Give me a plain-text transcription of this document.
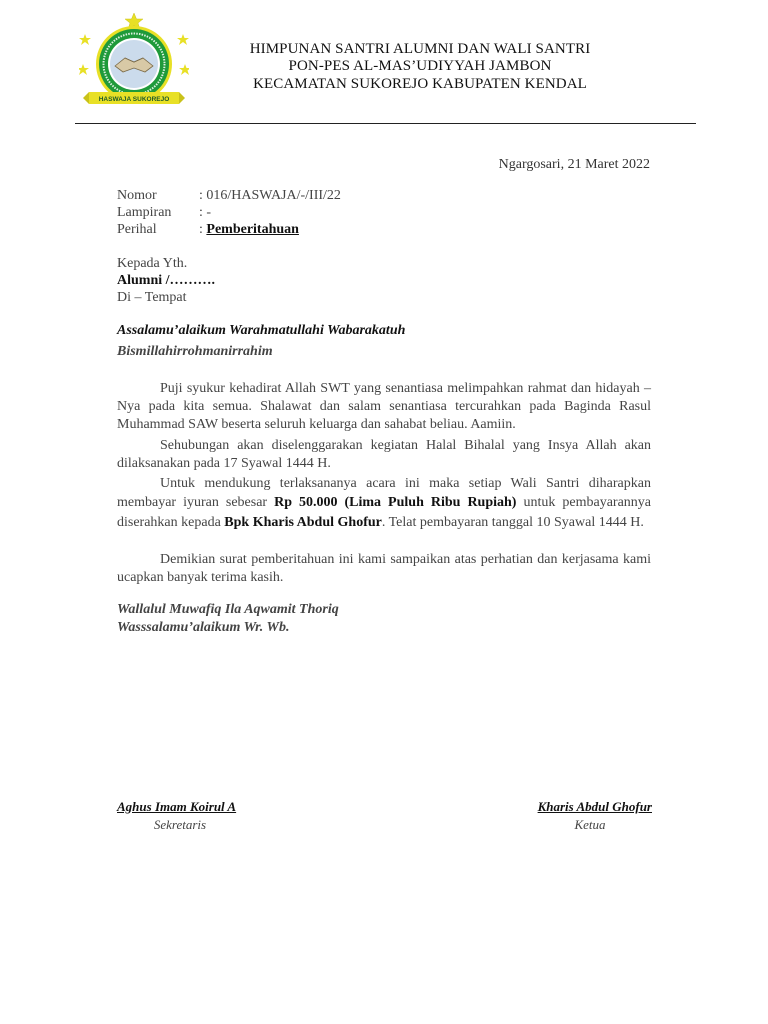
HASWAJA SUKOREJO
HIMPUNAN SANTRI ALUMNI DAN WALI SANTRI
PON-PES AL-MAS’UDIYYAH JAMBON
KECAMATAN SUKOREJO KABUPATEN KENDAL
Ngargosari, 21 Maret 2022
Nomor	: 016/HASWAJA/-/III/22
Lampiran : -
Perihal	: Pemberitahuan
Kepada Yth.
Alumni /……….
Di – Tempat
Assalamu’alaikum Warahmatullahi Wabarakatuh
Bismillahirrohmanirrahim
Puji syukur kehadirat Allah SWT yang senantiasa melimpahkan rahmat dan hidayah –
Nya pada kita semua. Shalawat dan salam senantiasa tercurahkan pada Baginda Rasul
Muhammad SAW beserta seluruh keluarga dan sahabat beliau. Aamiin.
Sehubungan akan diselenggarakan kegiatan Halal Bihalal yang Insya Allah akan
dilaksanakan pada 17 Syawal 1444 H.
Untuk mendukung terlaksananya acara ini maka setiap Wali Santri diharapkan
membayar iyuran sebesar Rp 50.000 (Lima Puluh Ribu Rupiah) untuk pembayarannya
diserahkan kepada Bpk Kharis Abdul Ghofur. Telat pembayaran tanggal 10 Syawal 1444 H.
Demikian surat pemberitahuan ini kami sampaikan atas perhatian dan kerjasama kami
ucapkan banyak terima kasih.
Wallalul Muwafiq Ila Aqwamit Thoriq
Wasssalamu’alaikum Wr. Wb.
Aghus Imam Koirul A
Sekretaris
Kharis Abdul Ghofur
Ketua
